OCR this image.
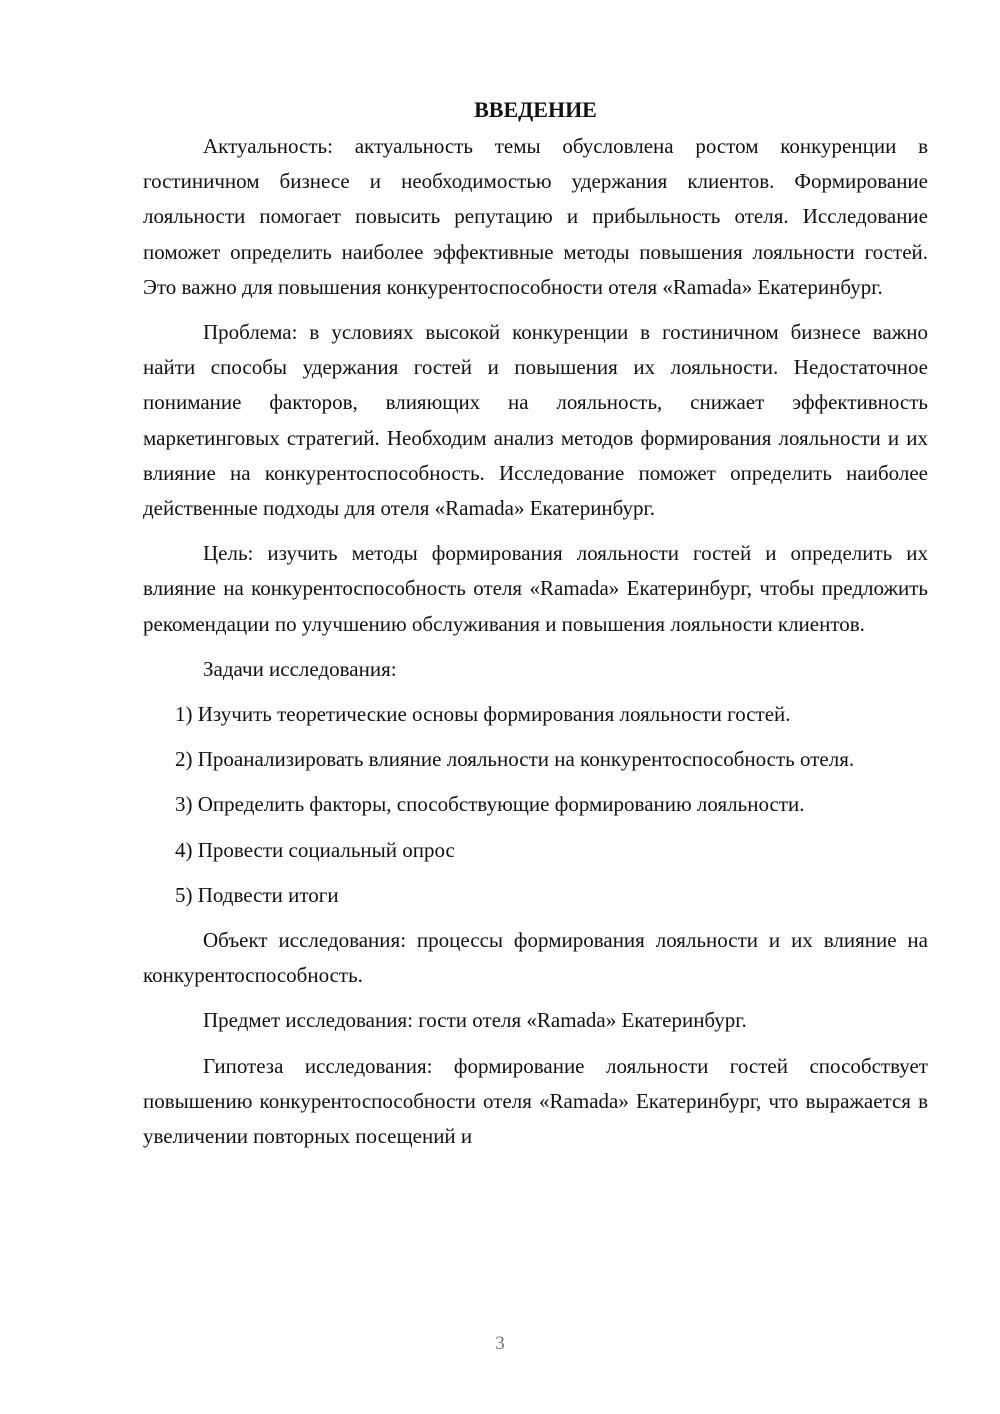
ВВЕДЕНИЕ

Актуальность: актуальность темы обусловлена ростом конкуренции в гостиничном бизнесе и необходимостью удержания клиентов. Формирование лояльности помогает повысить репутацию и прибыльность отеля. Исследование поможет определить наиболее эффективные методы повышения лояльности гостей. Это важно для повышения конкурентоспособности отеля «Ramada» Екатеринбург.

Проблема: в условиях высокой конкуренции в гостиничном бизнесе важно найти способы удержания гостей и повышения их лояльности. Недостаточное понимание факторов, влияющих на лояльность, снижает эффективность маркетинговых стратегий. Необходим анализ методов формирования лояльности и их влияние на конкурентоспособность. Исследование поможет определить наиболее действенные подходы для отеля «Ramada» Екатеринбург.

Цель: изучить методы формирования лояльности гостей и определить их влияние на конкурентоспособность отеля «Ramada» Екатеринбург, чтобы предложить рекомендации по улучшению обслуживания и повышения лояльности клиентов.

Задачи исследования:

1) Изучить теоретические основы формирования лояльности гостей.

2) Проанализировать влияние лояльности на конкурентоспособность отеля.

3) Определить факторы, способствующие формированию лояльности.

4) Провести социальный опрос

5) Подвести итоги

Объект исследования: процессы формирования лояльности и их влияние на конкурентоспособность.

Предмет исследования: гости отеля «Ramada» Екатеринбург.

Гипотеза исследования: формирование лояльности гостей способствует повышению конкурентоспособности отеля «Ramada» Екатеринбург, что выражается в увеличении повторных посещений и

3
